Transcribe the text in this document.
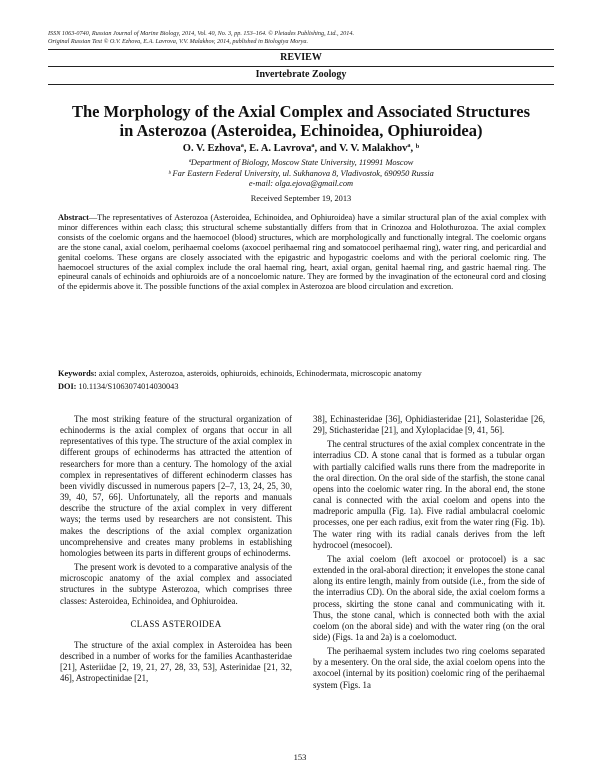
ISSN 1063-0740, Russian Journal of Marine Biology, 2014, Vol. 40, No. 3, pp. 153–164. © Pleiades Publishing, Ltd., 2014.
Original Russian Text © O.V. Ezhova, E.A. Lavrova, V.V. Malakhov, 2014, published in Biologiya Morya.
REVIEW
Invertebrate Zoology
The Morphology of the Axial Complex and Associated Structures
in Asterozoa (Asteroidea, Echinoidea, Ophiuroidea)
O. V. Ezhovaª, E. A. Lavrovaª, and V. V. Malakhovª, ᵇ
ªDepartment of Biology, Moscow State University, 119991 Moscow
ᵇ Far Eastern Federal University, ul. Sukhanova 8, Vladivostok, 690950 Russia
e-mail: olga.ejova@gmail.com
Received September 19, 2013
Abstract—The representatives of Asterozoa (Asteroidea, Echinoidea, and Ophiuroidea) have a similar structural plan of the axial complex with minor differences within each class; this structural scheme substantially differs from that in Crinozoa and Holothurozoa. The axial complex consists of the coelomic organs and the haemocoel (blood) structures, which are morphologically and functionally integral. The coelomic organs are the stone canal, axial coelom, perihaemal coeloms (axocoel perihaemal ring and somatocoel perihaemal ring), water ring, and pericardial and genital coeloms. These organs are closely associated with the epigastric and hypogastric coeloms and with the perioral coelomic ring. The haemocoel structures of the axial complex include the oral haemal ring, heart, axial organ, genital haemal ring, and gastric haemal ring. The epineural canals of echinoids and ophiuroids are of a noncoelomic nature. They are formed by the invagination of the ectoneural cord and closing of the epidermis above it. The possible functions of the axial complex in Asterozoa are blood circulation and excretion.
Keywords: axial complex, Asterozoa, asteroids, ophiuroids, echinoids, Echinodermata, microscopic anatomy
DOI: 10.1134/S1063074014030043

The most striking feature of the structural organization of echinoderms is the axial complex of organs that occur in all representatives of this type. The structure of the axial complex in different groups of echinoderms has attracted the attention of researchers for more than a century. The homology of the axial complex in representatives of different echinoderm classes has been vividly discussed in numerous papers [2–7, 13, 24, 25, 30, 39, 40, 57, 66]. Unfortunately, all the reports and manuals describe the structure of the axial complex in very different ways; the terms used by researchers are not consistent. This makes the descriptions of the axial complex organization uncomprehensive and creates many problems in establishing homologies between its parts in different groups of echinoderms.

The present work is devoted to a comparative analysis of the microscopic anatomy of the axial complex and associated structures in the subtype Asterozoa, which comprises three classes: Asteroidea, Echinoidea, and Ophiuroidea.

CLASS ASTEROIDEA

The structure of the axial complex in Asteroidea has been described in a number of works for the families Acanthasteridae [21], Asteriidae [2, 19, 21, 27, 28, 33, 53], Asterinidae [21, 32, 46], Astropectinidae [21,

38], Echinasteridae [36], Ophidiasteridae [21], Solasteridae [26, 29], Stichasteridae [21], and Xyloplacidae [9, 41, 56].

The central structures of the axial complex concentrate in the interradius CD. A stone canal that is formed as a tubular organ with partially calcified walls runs there from the madreporite in the oral direction. On the oral side of the starfish, the stone canal opens into the coelomic water ring. In the aboral end, the stone canal is connected with the axial coelom and opens into the madreporic ampulla (Fig. 1a). Five radial ambulacral coelomic processes, one per each radius, exit from the water ring (Fig. 1b). The water ring with its radial canals derives from the left hydrocoel (mesocoel).

The axial coelom (left axocoel or protocoel) is a sac extended in the oral-aboral direction; it envelopes the stone canal along its entire length, mainly from outside (i.e., from the side of the interradius CD). On the aboral side, the axial coelom forms a process, skirting the stone canal and communicating with it. Thus, the stone canal, which is connected both with the axial coelom (on the aboral side) and with the water ring (on the oral side) (Figs. 1a and 2a) is a coelomoduct.

The perihaemal system includes two ring coeloms separated by a mesentery. On the oral side, the axial coelom opens into the axocoel (internal by its position) coelomic ring of the perihaemal system (Figs. 1a

153
